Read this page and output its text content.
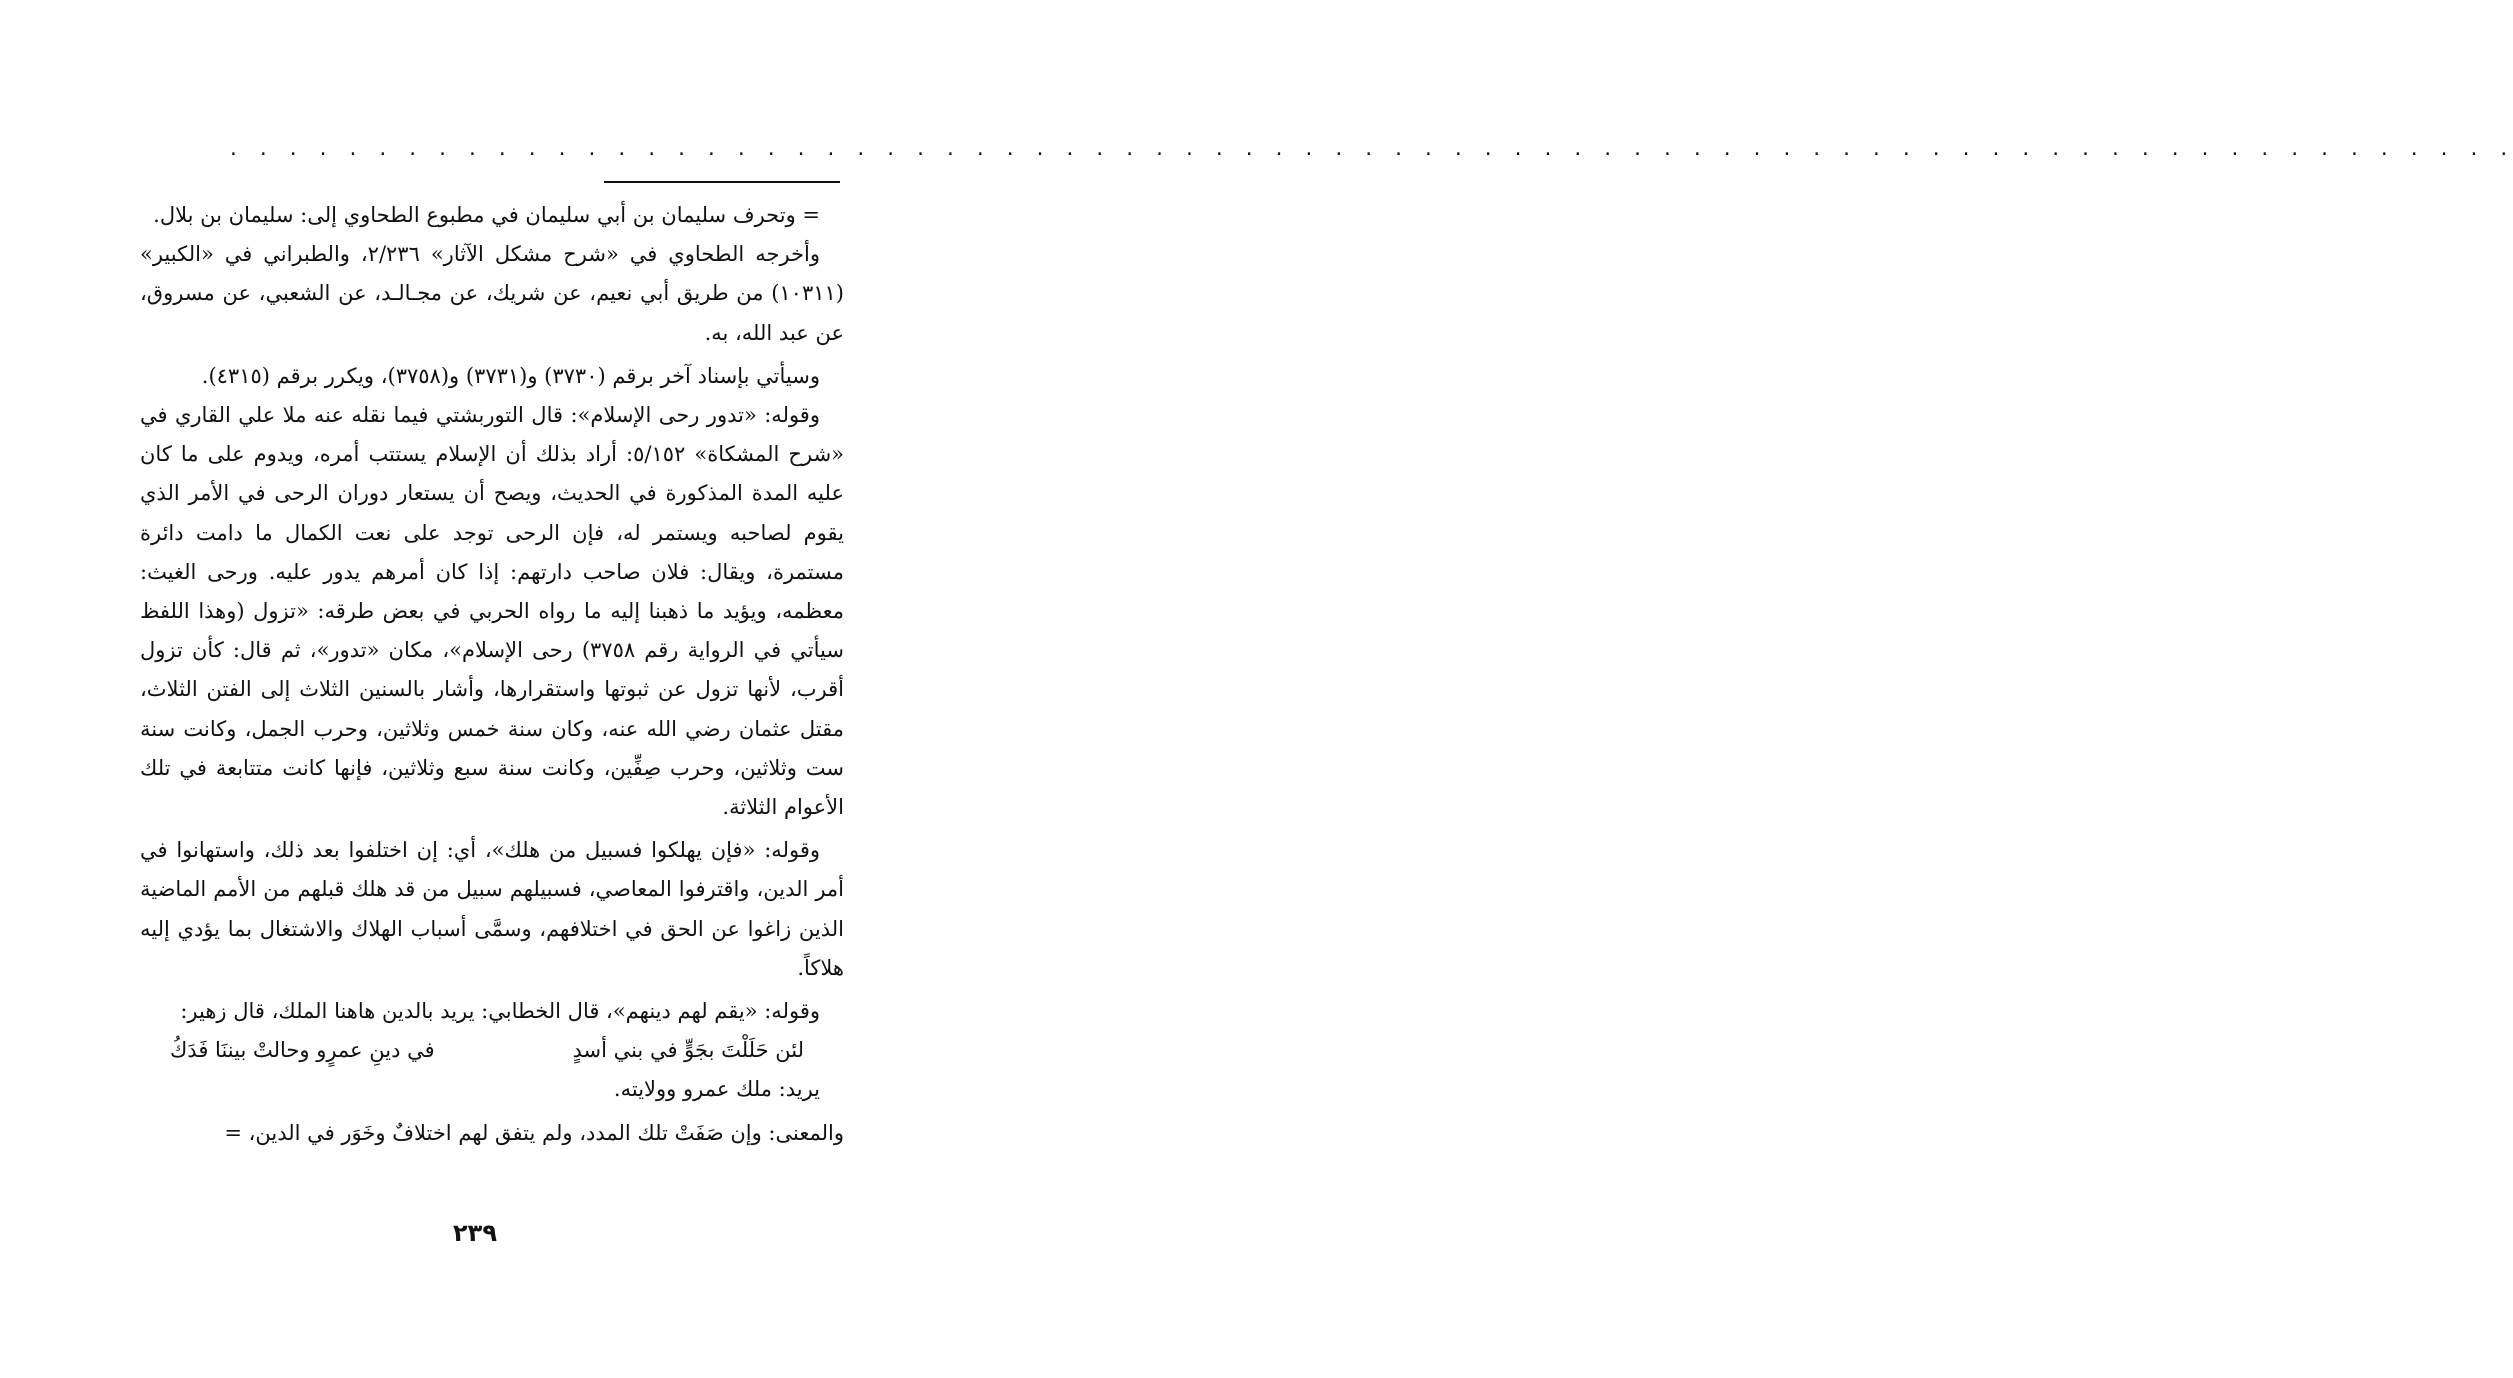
. . . . . . . . . . . . . . . . . . . . . . . . . . . . . . . . . . . . . . . . . . . . . . . . . . . . . . . . . . . . . . . . . . . . . . . . . . . . .

= وتحرف سليمان بن أبي سليمان في مطبوع الطحاوي إلى: سليمان بن بلال.

وأخرجه الطحاوي في «شرح مشكل الآثار» ٢/٢٣٦، والطبراني في «الكبير» (١٠٣١١) من طريق أبي نعيم، عن شريك، عن مجـالـد، عن الشعبي، عن مسروق، عن عبد الله، به.

وسيأتي بإسناد آخر برقم (٣٧٣٠) و(٣٧٣١) و(٣٧٥٨)، ويكرر برقم (٤٣١٥).

وقوله: «تدور رحى الإسلام»: قال التوربشتي فيما نقله عنه ملا علي القاري في «شرح المشكاة» ٥/١٥٢: أراد بذلك أن الإسلام يستتب أمره، ويدوم على ما كان عليه المدة المذكورة في الحديث، ويصح أن يستعار دوران الرحى في الأمر الذي يقوم لصاحبه ويستمر له، فإن الرحى توجد على نعت الكمال ما دامت دائرة مستمرة، ويقال: فلان صاحب دارتهم: إذا كان أمرهم يدور عليه. ورحى الغيث: معظمه، ويؤيد ما ذهبنا إليه ما رواه الحربي في بعض طرقه: «تزول (وهذا اللفظ سيأتي في الرواية رقم ٣٧٥٨) رحى الإسلام»، مكان «تدور»، ثم قال: كأن تزول أقرب، لأنها تزول عن ثبوتها واستقرارها، وأشار بالسنين الثلاث إلى الفتن الثلاث، مقتل عثمان رضي الله عنه، وكان سنة خمس وثلاثين، وحرب الجمل، وكانت سنة ست وثلاثين، وحرب صِفِّين، وكانت سنة سبع وثلاثين، فإنها كانت متتابعة في تلك الأعوام الثلاثة.

وقوله: «فإن يهلكوا فسبيل من هلك»، أي: إن اختلفوا بعد ذلك، واستهانوا في أمر الدين، واقترفوا المعاصي، فسبيلهم سبيل من قد هلك قبلهم من الأمم الماضية الذين زاغوا عن الحق في اختلافهم، وسمَّى أسباب الهلاك والاشتغال بما يؤدي إليه هلاكاً.

وقوله: «يقم لهم دينهم»، قال الخطابي: يريد بالدين هاهنا الملك، قال زهير:

لئن حَلَلْتَ بجَوٍّ في بني أسدٍ
في دينِ عمرٍو وحالتْ بيننَا فَدَكُ

يريد: ملك عمرو وولايته.

والمعنى: وإن صَفَتْ تلك المدد، ولم يتفق لهم اختلافٌ وخَوَر في الدين، =

٢٣٩
